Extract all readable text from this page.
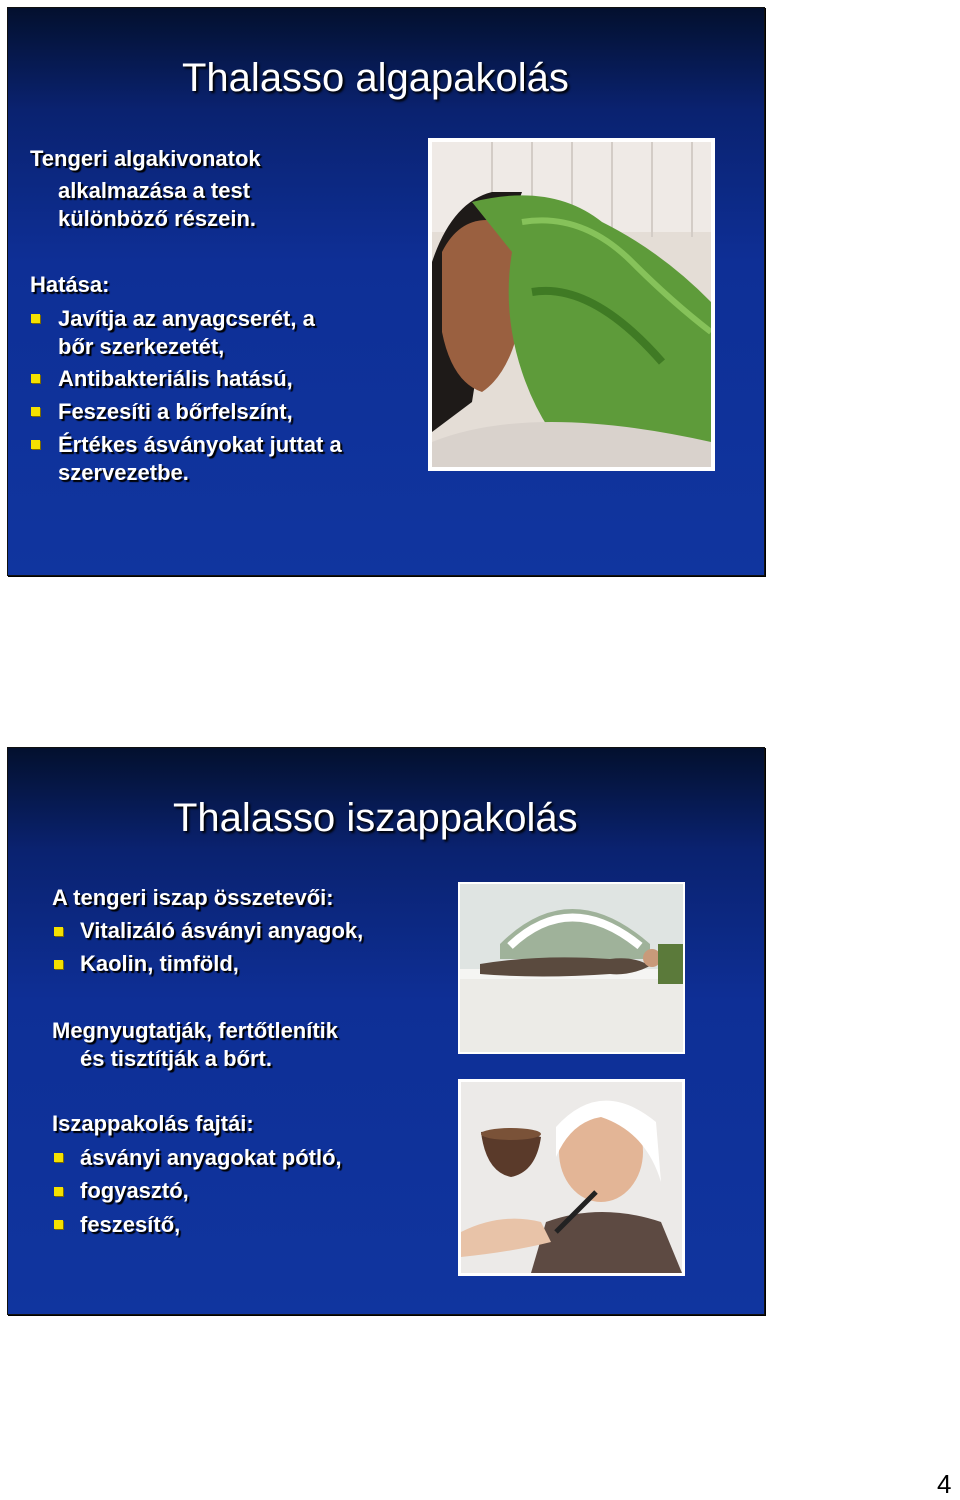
Thalasso algapakolás
Tengeri algakivonatok
alkalmazása a test
különböző részein.
Hatása:
Javítja az anyagcserét, a
bőr szerkezetét,
Antibakteriális hatású,
Feszesíti a bőrfelszínt,
Értékes ásványokat juttat a
szervezetbe.
Thalasso iszappakolás
A tengeri iszap összetevői:
Vitalizáló ásványi anyagok,
Kaolin, timföld,
Megnyugtatják, fertőtlenítik
és tisztítják a bőrt.
Iszappakolás fajtái:
ásványi anyagokat pótló,
fogyasztó,
feszesítő,
4
